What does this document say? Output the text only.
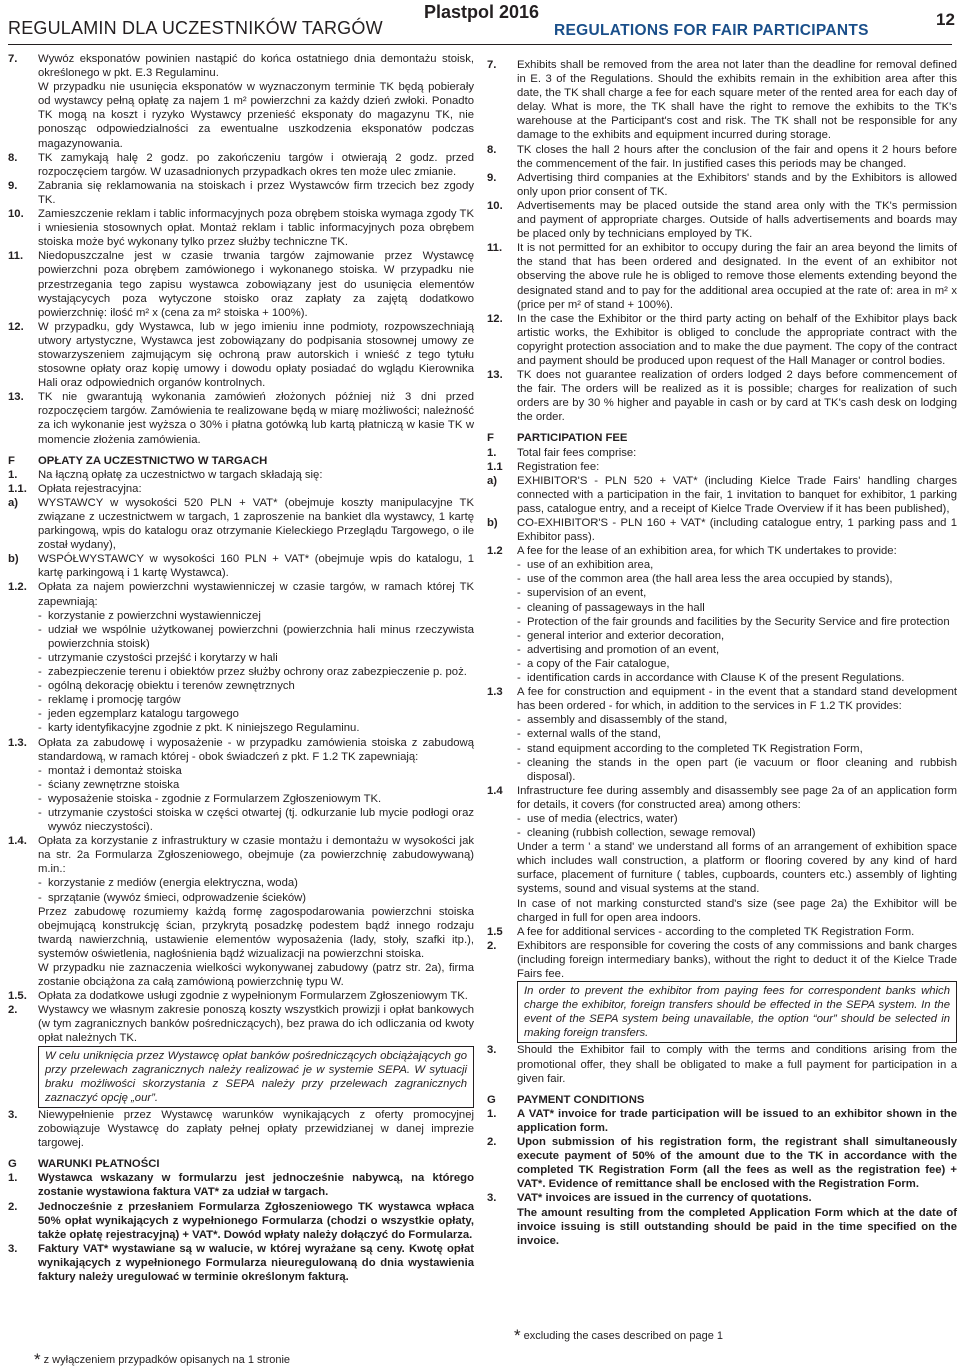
REGULAMIN DLA UCZESTNIKÓW TARGÓW
Plastpol 2016
REGULATIONS FOR FAIR PARTICIPANTS
12
7. Wywóz eksponatów powinien nastąpić do końca ostatniego dnia demontażu stoisk, określonego w pkt. E.3 Regulaminu.
W przypadku nie usunięcia eksponatów w wyznaczonym terminie TK będą pobierały od wystawcy pełną opłatę za najem 1 m² powierzchni za każdy dzień zwłoki. Ponadto TK mogą na koszt i ryzyko Wystawcy przenieść eksponaty do magazynu TK, nie ponosząc odpowiedzialności za ewentualne uszkodzenia eksponatów podczas magazynowania.
8. TK zamykają halę 2 godz. po zakończeniu targów i otwierają 2 godz. przed rozpoczęciem targów. W uzasadnionych przypadkach okres ten może ulec zmianie.
9. Zabrania się reklamowania na stoiskach i przez Wystawców firm trzecich bez zgody TK.
10. Zamieszczenie reklam i tablic informacyjnych poza obrębem stoiska wymaga zgody TK i wniesienia stosownych opłat. Montaż reklam i tablic informacyjnych poza obrębem stoiska może być wykonany tylko przez służby techniczne TK.
11. Niedopuszczalne jest w czasie trwania targów zajmowanie przez Wystawcę powierzchni poza obrębem zamówionego i wykonanego stoiska. W przypadku nie przestrzegania tego zapisu wystawca zobowiązany jest do usunięcia elementów wystającycych poza wytyczone stoisko oraz zapłaty za zajętą dodatkowo powierzchnię: ilość m² x (cena za m² stoiska + 100%).
12. W przypadku, gdy Wystawca, lub w jego imieniu inne podmioty, rozpowszechniają utwory artystyczne, Wystawca jest zobowiązany do podpisania stosownej umowy ze stowarzyszeniem zajmującym się ochroną praw autorskich i wnieść z tego tytułu stosowne opłaty oraz kopię umowy i dowodu opłaty posiadać do wglądu Kierownika Hali oraz odpowiednich organów kontrolnych.
13. TK nie gwarantują wykonania zamówień złożonych później niż 3 dni przed rozpoczęciem targów. Zamówienia te realizowane będą w miarę możliwości; należność za ich wykonanie jest wyższa o 30% i płatna gotówką lub kartą płatniczą w kasie TK w momencie złożenia zamówienia.
F OPŁATY ZA UCZESTNICTWO W TARGACH
1. Na łączną opłatę za uczestnictwo w targach składają się:
1.1. Opłata rejestracyjna:
a) WYSTAWCY w wysokości 520 PLN + VAT* (obejmuje koszty manipulacyjne TK związane z uczestnictwem w targach, 1 zaproszenie na bankiet dla wystawcy, 1 kartę parkingową, wpis do katalogu oraz otrzymanie Kieleckiego Przeglądu Targowego, o ile został wydany),
b) WSPÓŁWYSTAWCY w wysokości 160 PLN + VAT* (obejmuje wpis do katalogu, 1 kartę parkingową i 1 kartę Wystawca).
1.2. Opłata za najem powierzchni wystawienniczej w czasie targów, w ramach której TK zapewniają:
- korzystanie z powierzchni wystawienniczej
- udział we wspólnie użytkowanej powierzchni (powierzchnia hali minus rzeczywista powierzchnia stoisk)
- utrzymanie czystości przejść i korytarzy w hali
- zabezpieczenie terenu i obiektów przez służby ochrony oraz zabezpieczenie p. poż.
- ogólną dekorację obiektu i terenów zewnętrznych
- reklamę i promocję targów
- jeden egzemplarz katalogu targowego
- karty identyfikacyjne zgodnie z pkt. K niniejszego Regulaminu.
1.3. Opłata za zabudowę i wyposażenie - w przypadku zamówienia stoiska z zabudową standardową, w ramach której - obok świadczeń z pkt. F 1.2 TK zapewniają:
- montaż i demontaż stoiska
- ściany zewnętrzne stoiska
- wyposażenie stoiska - zgodnie z Formularzem Zgłoszeniowym TK.
- utrzymanie czystości stoiska w części otwartej (tj. odkurzanie lub mycie podłogi oraz wywóz nieczystości).
1.4. Opłata za korzystanie z infrastruktury w czasie montażu i demontażu w wysokości jak na str. 2a Formularza Zgłoszeniowego, obejmuje (za powierzchnię zabudowywaną) m.in.:
- korzystanie z mediów (energia elektryczna, woda)
- sprzątanie (wywóz śmieci, odprowadzenie ścieków)
Przez zabudowę rozumiemy każdą formę zagospodarowania powierzchni stoiska obejmującą konstrukcję ścian, przykrytą posadzkę podestem bądź innego rodzaju twardą nawierzchnią, ustawienie elementów wyposażenia (lady, stoły, szafki itp.), systemów oświetlenia, nagłośnienia bądź wizualizacji na powierzchni stoiska.
W przypadku nie zaznaczenia wielkości wykonywanej zabudowy (patrz str. 2a), firma zostanie obciążona za całą zamówioną powierzchnię typu W.
1.5. Opłata za dodatkowe usługi zgodnie z wypełnionym Formularzem Zgłoszeniowym TK.
2. Wystawcy we własnym zakresie ponoszą koszty wszystkich prowizji i opłat bankowych (w tym zagranicznych banków pośredniczących), bez prawa do ich odliczania od kwoty opłat należnych TK.
W celu uniknięcia przez Wystawcę opłat banków pośredniczących obciążających go przy przelewach zagranicznych należy realizować je w systemie SEPA. W sytuacji braku możliwości skorzystania z SEPA należy przy przelewach zagranicznych zaznaczyć opcję „our”.
3. Niewypełnienie przez Wystawcę warunków wynikających z oferty promocyjnej zobowiązuje Wystawcę do zapłaty pełnej opłaty przewidzianej w danej imprezie targowej.
G WARUNKI PŁATNOŚCI
1. Wystawca wskazany w formularzu jest jednocześnie nabywcą, na którego zostanie wystawiona faktura VAT* za udział w targach.
2. Jednocześnie z przesłaniem Formularza Zgłoszeniowego TK wystawca wpłaca 50% opłat wynikających z wypełnionego Formularza (chodzi o wszystkie opłaty, także opłatę rejestracyjną) + VAT*. Dowód wpłaty należy dołączyć do Formularza.
3. Faktury VAT* wystawiane są w walucie, w której wyrażane są ceny. Kwotę opłat wynikających z wypełnionego Formularza nieuregulowaną do dnia wystawienia faktury należy uregulować w terminie określonym fakturą.
* z wyłączeniem przypadków opisanych na 1 stronie
7. Exhibits shall be removed from the area not later than the deadline for removal defined in E. 3 of the Regulations. Should the exhibits remain in the exhibition area after this date, the TK shall charge a fee for each square meter of the rented area for each day of delay. What is more, the TK shall have the right to remove the exhibits to the TK's warehouse at the Participant's cost and risk. The TK shall not be responsible for any damage to the exhibits and equipment incurred during storage.
8. TK closes the hall 2 hours after the conclusion of the fair and opens it 2 hours before the commencement of the fair. In justified cases this periods may be changed.
9. Advertising third companies at the Exhibitors' stands and by the Exhibitors is allowed only upon prior consent of TK.
10. Advertisements may be placed outside the stand area only with the TK's permission and payment of appropriate charges. Outside of halls advertisements and boards may be placed only by technicians employed by TK.
11. It is not permitted for an exhibitor to occupy during the fair an area beyond the limits of the stand that has been ordered and designated. In the event of an exhibitor not observing the above rule he is obliged to remove those elements extending beyond the designated stand and to pay for the additional area occupied at the rate of: area in m² x (price per m² of stand + 100%).
12. In the case the Exhibitor or the third party acting on behalf of the Exhibitor plays back artistic works, the Exhibitor is obliged to conclude the appropriate contract with the copyright protection association and to make the due payment. The copy of the contract and payment should be produced upon request of the Hall Manager or control bodies.
13. TK does not guarantee realization of orders lodged 2 days before commencement of the fair. The orders will be realized as it is possible; charges for realization of such orders are by 30 % higher and payable in cash or by card at TK's cash desk on lodging the order.
F PARTICIPATION FEE
1. Total fair fees comprise:
1.1 Registration fee:
a) EXHIBITOR'S - PLN 520 + VAT* (including Kielce Trade Fairs' handling charges connected with a participation in the fair, 1 invitation to banquet for exhibitor, 1 parking pass, catalogue entry, and a receipt of Kielce Trade Overview if it has been published),
b) CO-EXHIBITOR'S - PLN 160 + VAT* (including catalogue entry, 1 parking pass and 1 Exhibitor pass).
1.2 A fee for the lease of an exhibition area, for which TK undertakes to provide:
- use of an exhibition area,
- use of the common area (the hall area less the area occupied by stands),
- supervision of an event,
- cleaning of passageways in the hall
- Protection of the fair grounds and facilities by the Security Service and fire protection
- general interior and exterior decoration,
- advertising and promotion of an event,
- a copy of the Fair catalogue,
- identification cards in accordance with Clause K of the present Regulations.
1.3 A fee for construction and equipment - in the event that a standard stand development has been ordered - for which, in addition to the services in F 1.2 TK provides:
- assembly and disassembly of the stand,
- external walls of the stand,
- stand equipment according to the completed TK Registration Form,
- cleaning the stands in the open part (ie vacuum or floor cleaning and rubbish disposal).
1.4 Infrastructure fee during assembly and disassembly see page 2a of an application form for details, it covers (for constructed area) among others:
- use of media (electrics, water)
- cleaning (rubbish collection, sewage removal)
Under a term ' a stand' we understand all forms of an arrangement of exhibition space which includes wall construction, a platform or flooring covered by any kind of hard surface, placement of furniture ( tables, cupboards, counters etc.) assembly of lighting systems, sound and visual systems at the stand.
In case of not marking consturcted stand's size (see page 2a) the Exhibitor will be charged in full for open area indoors.
1.5 A fee for additional services - according to the completed TK Registration Form.
2. Exhibitors are responsible for covering the costs of any commissions and bank charges (including foreign intermediary banks), without the right to deduct it of the Kielce Trade Fairs fee.
In order to prevent the exhibitor from paying fees for correspondent banks which charge the exhibitor, foreign transfers should be effected in the SEPA system. In the event of the SEPA system being unavailable, the option “our” should be selected in making foreign transfers.
3. Should the Exhibitor fail to comply with the terms and conditions arising from the promotional offer, they shall be obligated to make a full payment for participation in a given fair.
G PAYMENT CONDITIONS
1. A VAT* invoice for trade participation will be issued to an exhibitor shown in the application form.
2. Upon submission of his registration form, the registrant shall simultaneously execute payment of 50% of the amount due to the TK in accordance with the completed TK Registration Form (all the fees as well as the registration fee) + VAT*. Evidence of remittance shall be enclosed with the Registration Form.
3. VAT* invoices are issued in the currency of quotations.
The amount resulting from the completed Application Form which at the date of invoice issuing is still outstanding should be paid in the time specified on the invoice.
* excluding the cases described on page 1
